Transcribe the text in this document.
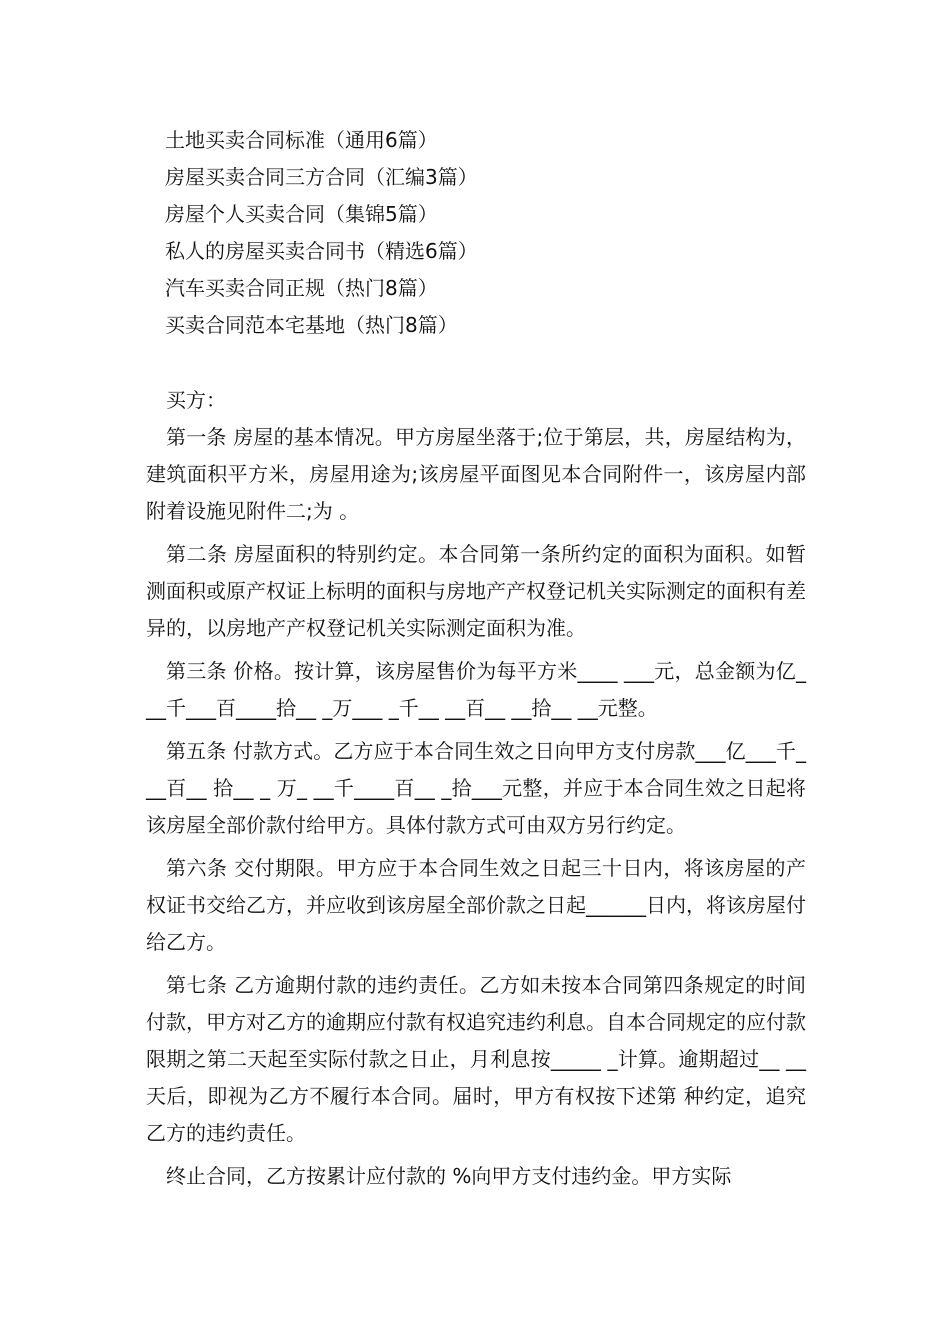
土地买卖合同标准（通用6篇）
房屋买卖合同三方合同（汇编3篇）
房屋个人买卖合同（集锦5篇）
私人的房屋买卖合同书（精选6篇）
汽车买卖合同正规（热门8篇）
买卖合同范本宅基地（热门8篇）

买方：

第一条 房屋的基本情况。甲方房屋坐落于;位于第层，共，房屋结构为，建筑面积平方米，房屋用途为;该房屋平面图见本合同附件一，该房屋内部附着设施见附件二;为 。

第二条 房屋面积的特别约定。本合同第一条所约定的面积为面积。如暂测面积或原产权证上标明的面积与房地产产权登记机关实际测定的面积有差异的，以房地产产权登记机关实际测定面积为准。

第三条 价格。按计算，该房屋售价为每平方米____ ___元，总金额为亿___千___百____拾__ _万___ _千__ __百__ __拾__ __元整。

第五条 付款方式。乙方应于本合同生效之日向甲方支付房款___亿___千___百__ 拾__ _ 万_ __千____百__ _拾___元整，并应于本合同生效之日起将该房屋全部价款付给甲方。具体付款方式可由双方另行约定。

第六条 交付期限。甲方应于本合同生效之日起三十日内，将该房屋的产权证书交给乙方，并应收到该房屋全部价款之日起______日内，将该房屋付给乙方。

第七条 乙方逾期付款的违约责任。乙方如未按本合同第四条规定的时间付款，甲方对乙方的逾期应付款有权追究违约利息。自本合同规定的应付款限期之第二天起至实际付款之日止，月利息按_____ _计算。逾期超过__ __天后，即视为乙方不履行本合同。届时，甲方有权按下述第 种约定，追究乙方的违约责任。

终止合同，乙方按累计应付款的 %向甲方支付违约金。甲方实际
